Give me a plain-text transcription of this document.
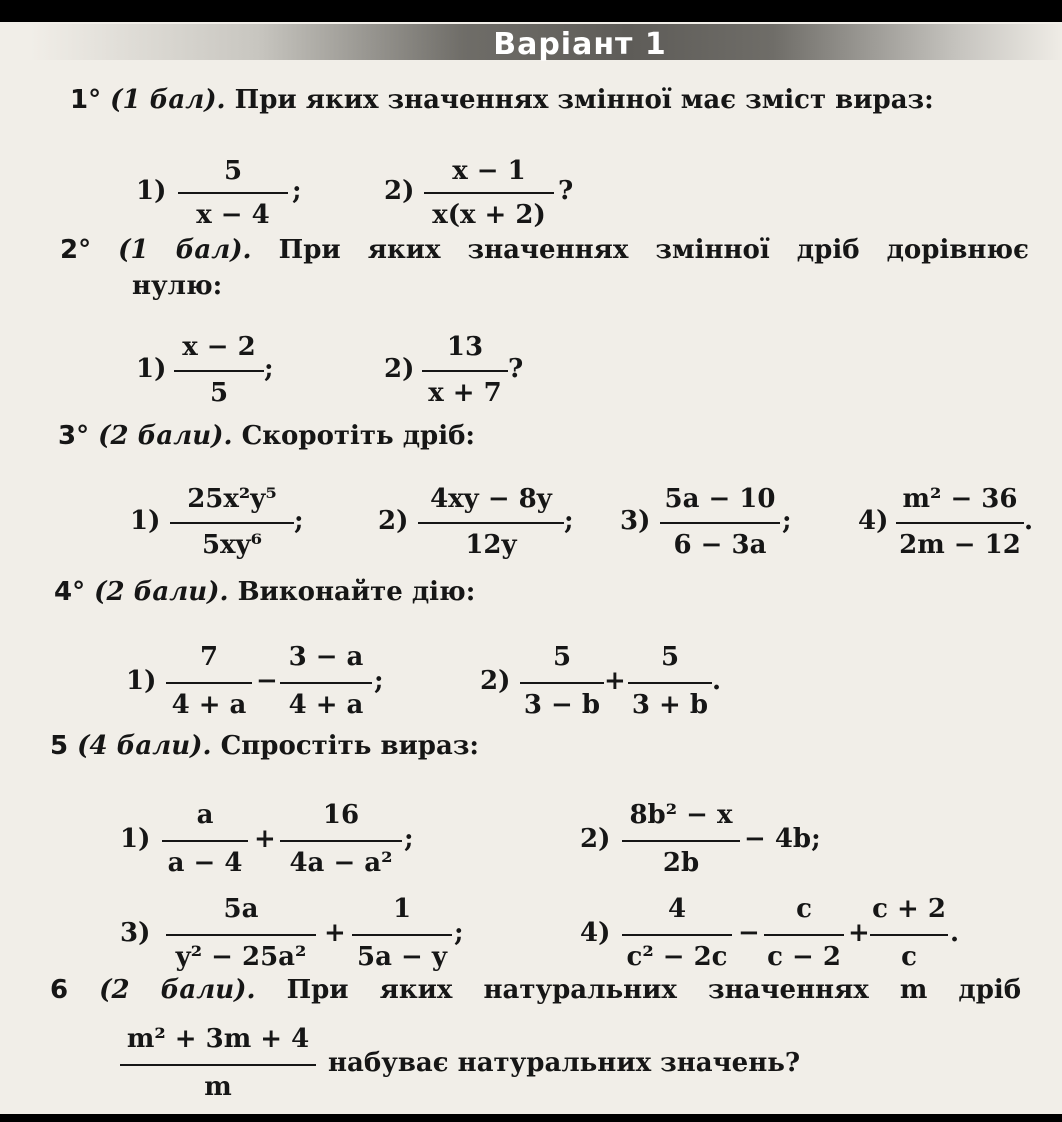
Варіант 1
1° (1 бал). При яких значеннях змінної має зміст вираз:
1)
5
x − 4
;	2)
x − 1
x(x + 2)
?
2° (1 бал). При яких значеннях змінної дріб дорівнює
нулю:
1)
x − 2
5
;	2)
13
x + 7
?
3° (2 бали). Скоротіть дріб:
1)
25x²y⁵
5xy⁶
;	2)
4xy − 8y
12y
; 3)
5a − 10
6 − 3a
;	4)
m² − 36
2m − 12
.
4° (2 бали). Виконайте дію:
1)
7
4 + a
−
3 − a
4 + a
;	2)
5
3 − b
+
5
3 + b
.
5 (4 бали). Спростіть вираз:
1)
a
a − 4
+
16
4a − a²
;	2)
8b² − x
2b
− 4b;
3)
5a
y² − 25a²
+
1
5a − y
;	4)
4
c² − 2c
−
c
c − 2
+
c + 2
c
.
6 (2 бали). При яких натуральних значеннях m дріб
m² + 3m + 4
m
набуває натуральних значень?
